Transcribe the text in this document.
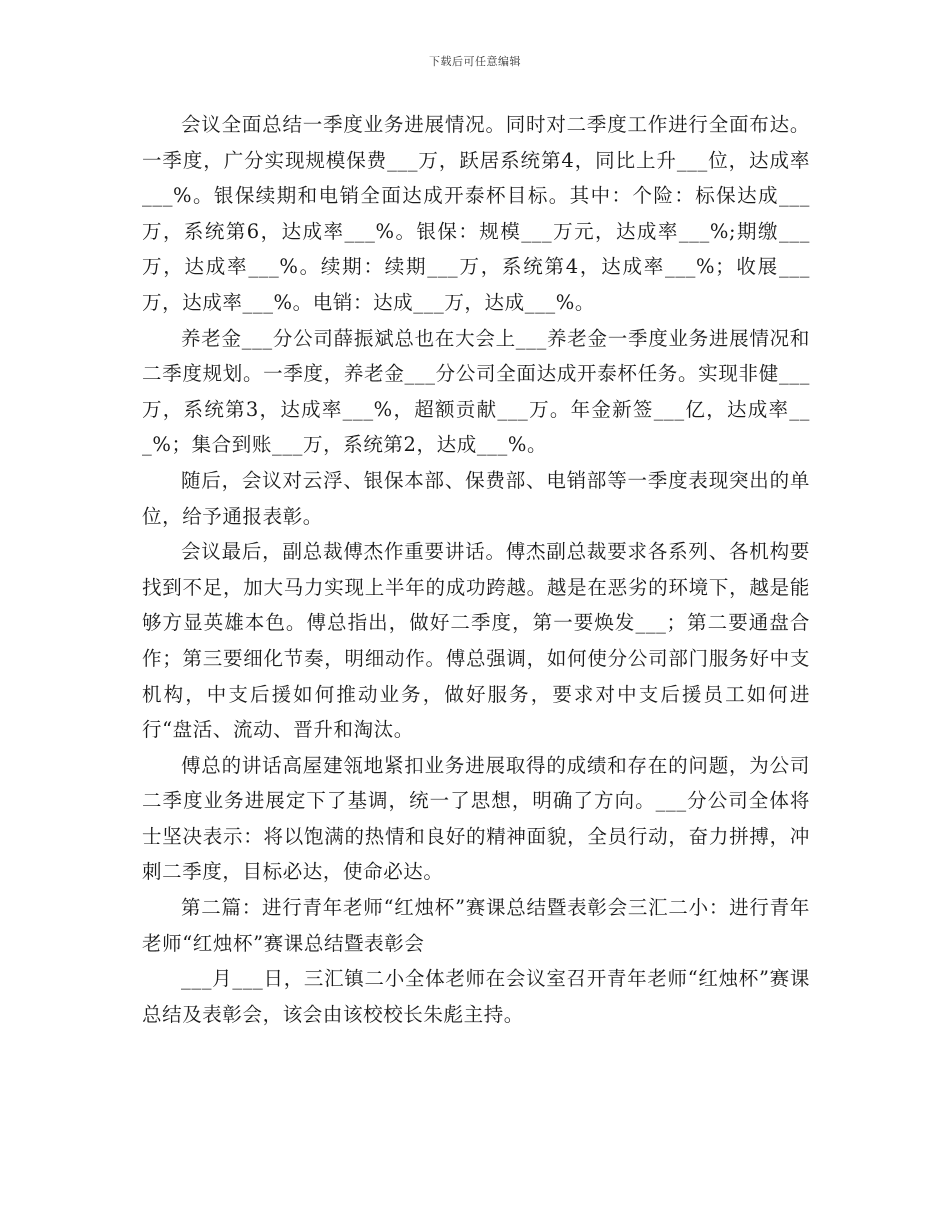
下载后可任意编辑

会议全面总结一季度业务进展情况。同时对二季度工作进行全面布达。一季度，广分实现规模保费___万，跃居系统第4，同比上升___位，达成率___%。银保续期和电销全面达成开泰杯目标。其中：个险：标保达成___万，系统第6，达成率___%。银保：规模___万元，达成率___%;期缴___万，达成率___%。续期：续期___万，系统第4，达成率___%；收展___万，达成率___%。电销：达成___万，达成___%。

养老金___分公司薛振斌总也在大会上___养老金一季度业务进展情况和二季度规划。一季度，养老金___分公司全面达成开泰杯任务。实现非健___万，系统第3，达成率___%，超额贡献___万。年金新签___亿，达成率___%；集合到账___万，系统第2，达成___%。

随后，会议对云浮、银保本部、保费部、电销部等一季度表现突出的单位，给予通报表彰。

会议最后，副总裁傅杰作重要讲话。傅杰副总裁要求各系列、各机构要找到不足，加大马力实现上半年的成功跨越。越是在恶劣的环境下，越是能够方显英雄本色。傅总指出，做好二季度，第一要焕发___；第二要通盘合作；第三要细化节奏，明细动作。傅总强调，如何使分公司部门服务好中支机构，中支后援如何推动业务，做好服务，要求对中支后援员工如何进行“盘活、流动、晋升和淘汰。

傅总的讲话高屋建瓴地紧扣业务进展取得的成绩和存在的问题，为公司二季度业务进展定下了基调，统一了思想，明确了方向。___分公司全体将士坚决表示：将以饱满的热情和良好的精神面貌，全员行动，奋力拼搏，冲刺二季度，目标必达，使命必达。

第二篇：进行青年老师“红烛杯”赛课总结暨表彰会三汇二小：进行青年老师“红烛杯”赛课总结暨表彰会

___月___日，三汇镇二小全体老师在会议室召开青年老师“红烛杯”赛课总结及表彰会，该会由该校校长朱彪主持。
